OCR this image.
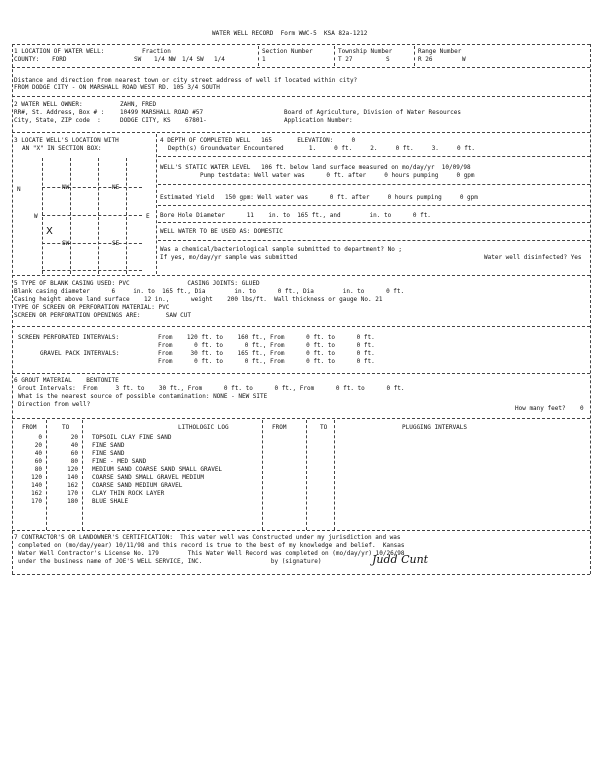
WATER WELL RECORD  Form WWC-5  KSA 82a-1212
1 LOCATION OF WATER WELL:
COUNTY: FORD
Fraction
SW 1/4 NW 1/4 SW 1/4
Section Number
1
Township Number
T 27	S
Range Number
R 26	W
Distance and direction from nearest town or city street address of well if located within city?
FROM DODGE CITY - ON MARSHALL ROAD WEST RD. 105 3/4 SOUTH
2 WATER WELL OWNER:	ZAHN, FRED
RR#, St. Address, Box # :	10499 MARSHALL ROAD #57
City, State, ZIP code  :	DODGE CITY, KS    67801-
Board of Agriculture, Division of Water Resources
Application Number:
3 LOCATE WELL'S LOCATION WITH
AN "X" IN SECTION BOX:
NW	NE
SW	SE
N
W	E
X
4 DEPTH OF COMPLETED WELL   165       ELEVATION:     0
Depth(s) Groundwater Encountered       1.     0 ft.     2.     0 ft.     3.     0 ft.
WELL'S STATIC WATER LEVEL   106 ft. below land surface measured on mo/day/yr  10/09/98
Pump testdata: Well water was      0 ft. after     0 hours pumping     0 gpm
Estimated Yield   150 gpm: Well water was      0 ft. after     0 hours pumping     0 gpm
Bore Hole Diameter      11    in. to  165 ft., and        in. to      0 ft.
WELL WATER TO BE USED AS: DOMESTIC
Was a chemical/bacteriological sample submitted to department? No ;
If yes, mo/day/yr sample was submitted	Water well disinfected? Yes
5 TYPE OF BLANK CASING USED: PVC                CASING JOINTS: GLUED
Blank casing diameter      6     in. to  165 ft., Dia        in. to      0 ft., Dia        in. to      0 ft.
Casing height above land surface    12 in.,      weight    200 lbs/ft.  Wall thickness or gauge No. 21
TYPE OF SCREEN OR PERFORATION MATERIAL: PVC
SCREEN OR PERFORATION OPENINGS ARE:       SAW CUT
SCREEN PERFORATED INTERVALS:
GRAVEL PACK INTERVALS:
From    120 ft. to    160 ft., From      0 ft. to      0 ft.
From      0 ft. to      0 ft., From      0 ft. to      0 ft.
From     30 ft. to    165 ft., From      0 ft. to      0 ft.
From      0 ft. to      0 ft., From      0 ft. to      0 ft.
6 GROUT MATERIAL    BENTONITE
Grout Intervals:  From     3 ft. to    30 ft., From      0 ft. to      0 ft., From      0 ft. to      0 ft.
What is the nearest source of possible contamination: NONE - NEW SITE
Direction from well?
How many feet?    0
FROM	TO	LITHOLOGIC LOG	FROM	TO	PLUGGING INTERVALS
0	20 TOPSOIL CLAY FINE SAND
20	40 FINE SAND
40	60 FINE SAND
60	80 FINE - MED SAND
80	120 MEDIUM SAND COARSE SAND SMALL GRAVEL
120	140 COARSE SAND SMALL GRAVEL MEDIUM
140	162 COARSE SAND MEDIUM GRAVEL
162	170 CLAY THIN ROCK LAYER
170	180 BLUE SHALE
7 CONTRACTOR'S OR LANDOWNER'S CERTIFICATION:  This water well was Constructed under my jurisdiction and was
completed on (mo/day/year) 10/11/98 and this record is true to the best of my knowledge and belief.  Kansas
Water Well Contractor's License No. 179        This Water Well Record was completed on (mo/day/yr) 10/26/98
under the business name of JOE'S WELL SERVICE, INC.                   by (signature)	Judd Cunt
